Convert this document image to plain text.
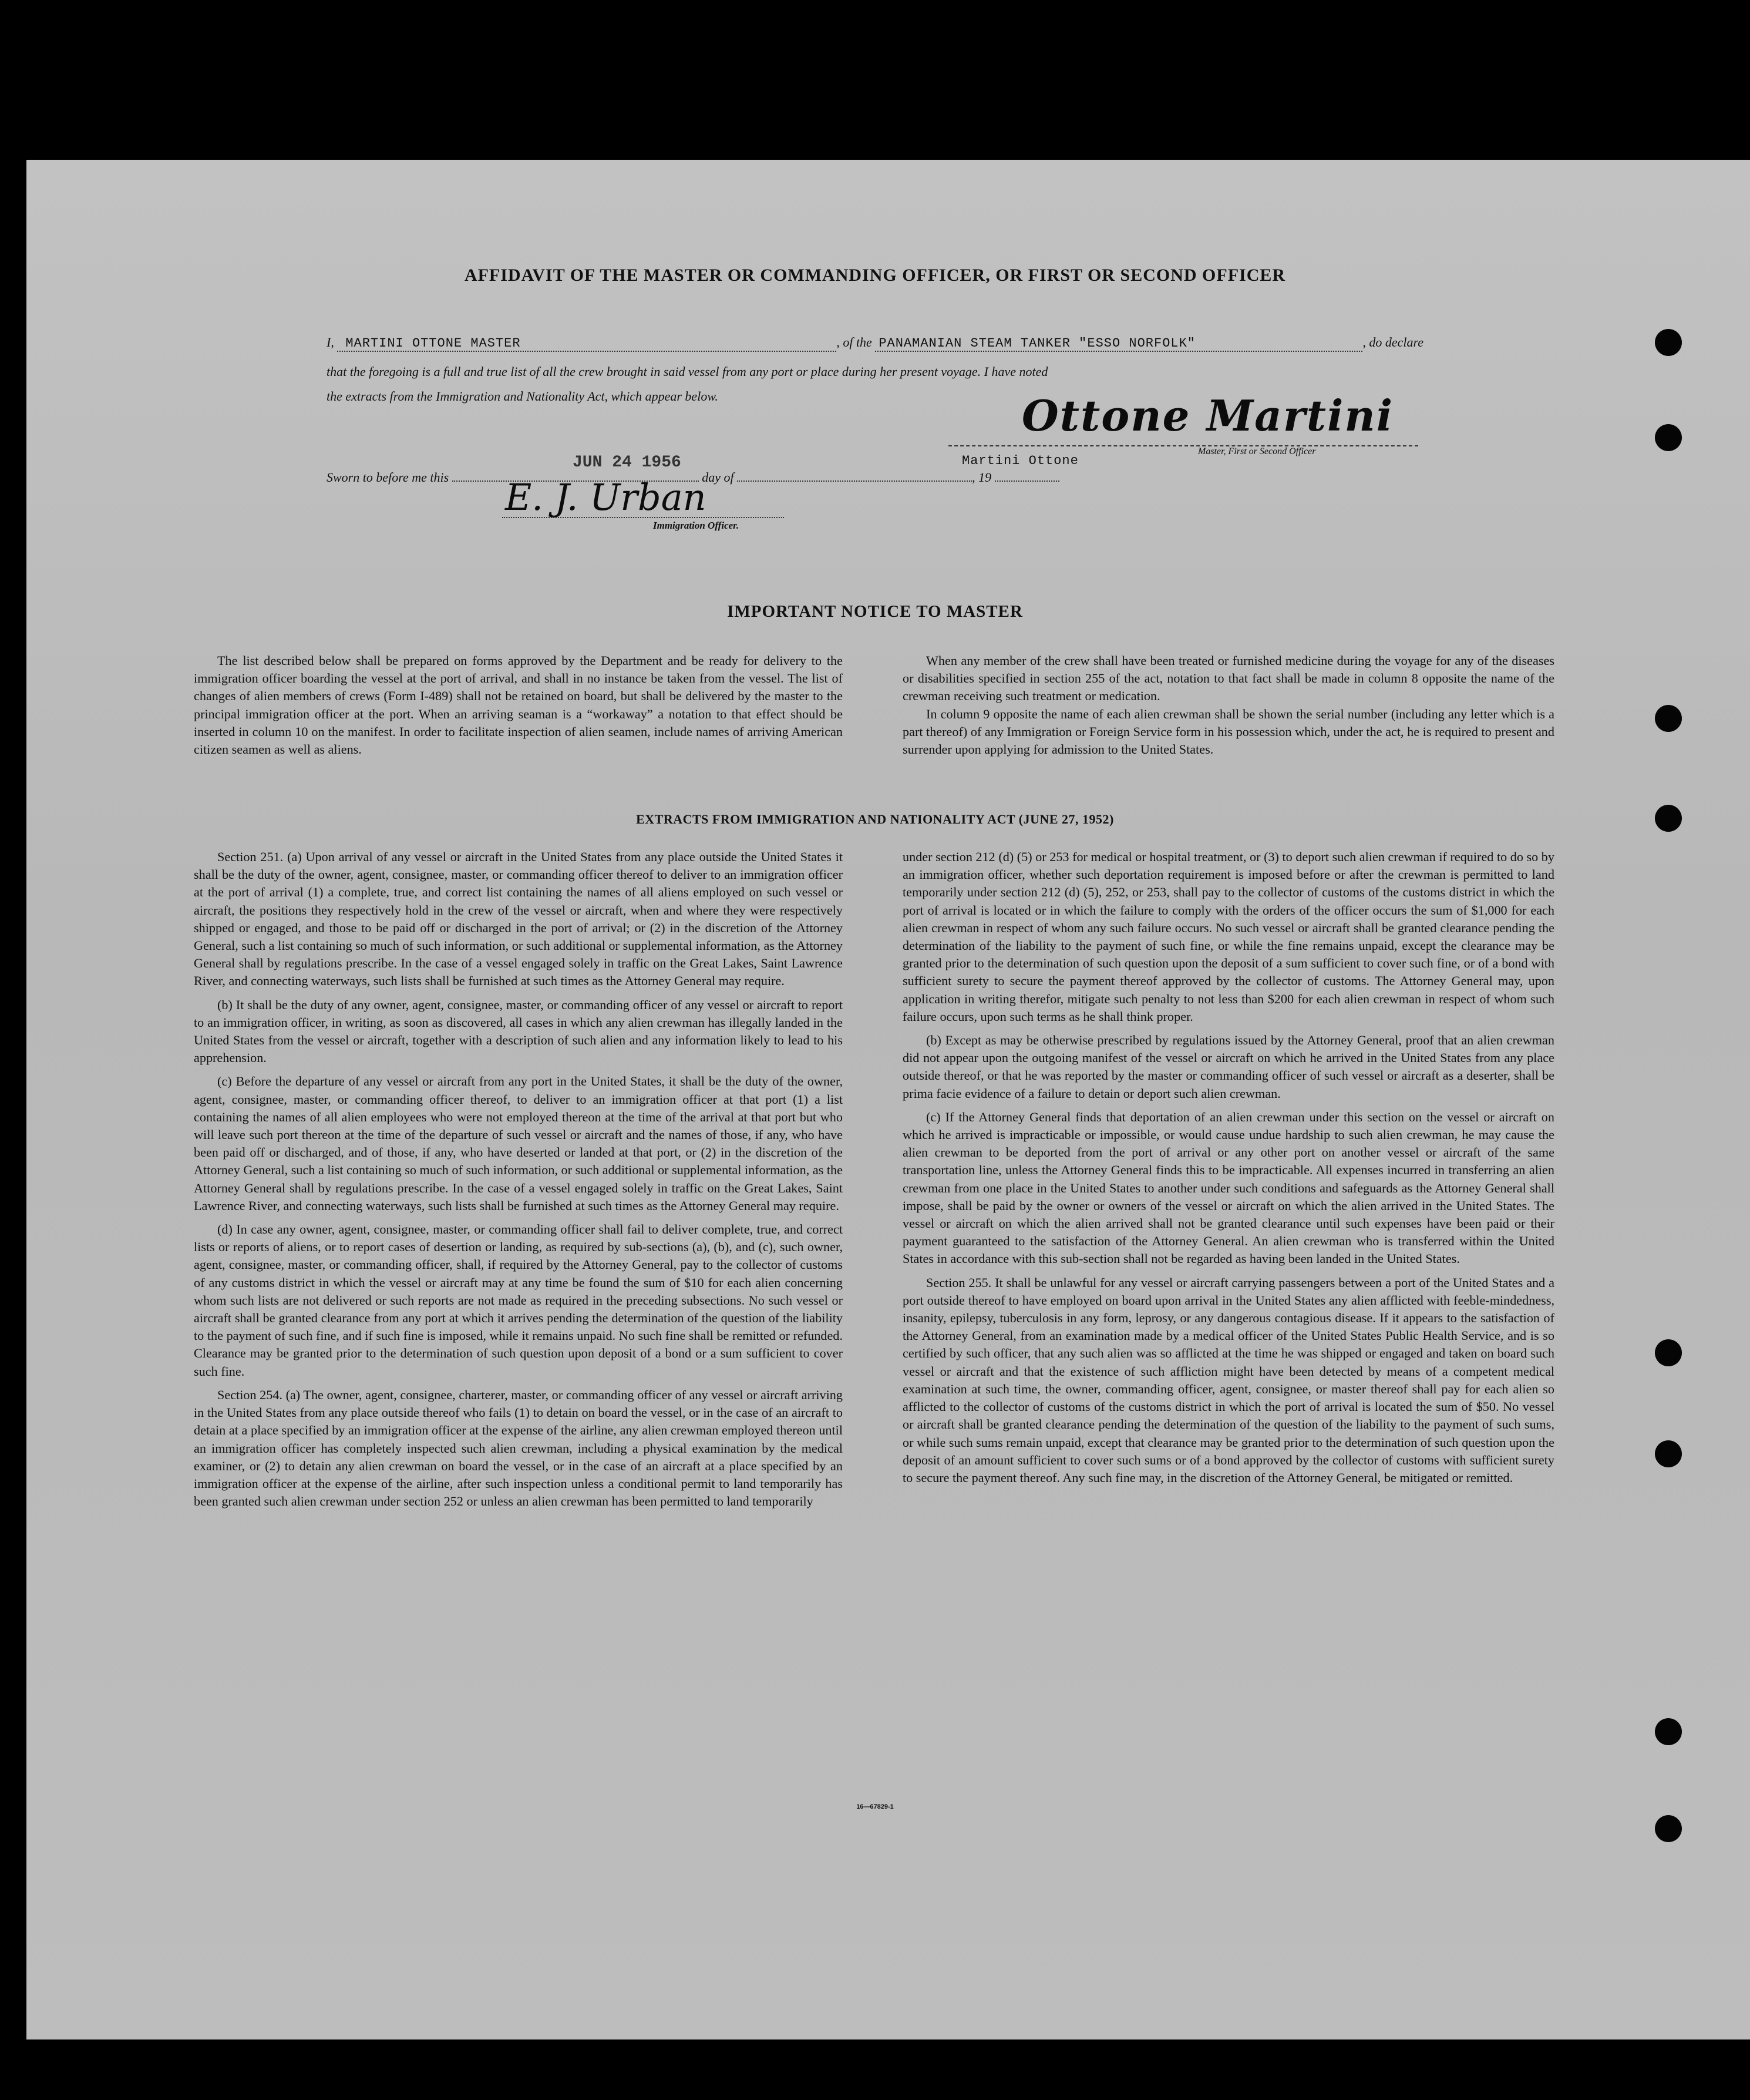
AFFIDAVIT OF THE MASTER OR COMMANDING OFFICER, OR FIRST OR SECOND OFFICER
I, MARTINI OTTONE MASTER	, of the PANAMANIAN STEAM TANKER "ESSO NORFOLK"	, do declare
that the foregoing is a full and true list of all the crew brought in said vessel from any port or place during her present voyage. I have noted
the extracts from the Immigration and Nationality Act, which appear below.	Ottone Martini
Master, First or Second Officer
Martini Ottone
Sworn to before me this	day of	, 19
JUN 24 1956
E. J. Urban
Immigration Officer.
IMPORTANT NOTICE TO MASTER

The list described below shall be prepared on forms approved by the Department and be ready for delivery to the immigration officer boarding the vessel at the port of arrival, and shall in no instance be taken from the vessel. The list of changes of alien members of crews (Form I-489) shall not be retained on board, but shall be delivered by the master to the principal immigration officer at the port. When an arriving seaman is a “workaway” a notation to that effect should be inserted in column 10 on the manifest. In order to facilitate inspection of alien seamen, include names of arriving American citizen seamen as well as aliens.

When any member of the crew shall have been treated or furnished medicine during the voyage for any of the diseases or disabilities specified in section 255 of the act, notation to that fact shall be made in column 8 opposite the name of the crewman receiving such treatment or medication.

In column 9 opposite the name of each alien crewman shall be shown the serial number (including any letter which is a part thereof) of any Immigration or Foreign Service form in his possession which, under the act, he is required to present and surrender upon applying for admission to the United States.

EXTRACTS FROM IMMIGRATION AND NATIONALITY ACT (JUNE 27, 1952)

Section 251. (a) Upon arrival of any vessel or aircraft in the United States from any place outside the United States it shall be the duty of the owner, agent, consignee, master, or commanding officer thereof to deliver to an immigration officer at the port of arrival (1) a complete, true, and correct list containing the names of all aliens employed on such vessel or aircraft, the positions they respectively hold in the crew of the vessel or aircraft, when and where they were respectively shipped or engaged, and those to be paid off or discharged in the port of arrival; or (2) in the discretion of the Attorney General, such a list containing so much of such information, or such additional or supplemental information, as the Attorney General shall by regulations prescribe. In the case of a vessel engaged solely in traffic on the Great Lakes, Saint Lawrence River, and connecting waterways, such lists shall be furnished at such times as the Attorney General may require.

(b) It shall be the duty of any owner, agent, consignee, master, or commanding officer of any vessel or aircraft to report to an immigration officer, in writing, as soon as discovered, all cases in which any alien crewman has illegally landed in the United States from the vessel or aircraft, together with a description of such alien and any information likely to lead to his apprehension.

(c) Before the departure of any vessel or aircraft from any port in the United States, it shall be the duty of the owner, agent, consignee, master, or commanding officer thereof, to deliver to an immigration officer at that port (1) a list containing the names of all alien employees who were not employed thereon at the time of the arrival at that port but who will leave such port thereon at the time of the departure of such vessel or aircraft and the names of those, if any, who have been paid off or discharged, and of those, if any, who have deserted or landed at that port, or (2) in the discretion of the Attorney General, such a list containing so much of such information, or such additional or supplemental information, as the Attorney General shall by regulations prescribe. In the case of a vessel engaged solely in traffic on the Great Lakes, Saint Lawrence River, and connecting waterways, such lists shall be furnished at such times as the Attorney General may require.

(d) In case any owner, agent, consignee, master, or commanding officer shall fail to deliver complete, true, and correct lists or reports of aliens, or to report cases of desertion or landing, as required by sub-sections (a), (b), and (c), such owner, agent, consignee, master, or commanding officer, shall, if required by the Attorney General, pay to the collector of customs of any customs district in which the vessel or aircraft may at any time be found the sum of $10 for each alien concerning whom such lists are not delivered or such reports are not made as required in the preceding subsections. No such vessel or aircraft shall be granted clearance from any port at which it arrives pending the determination of the question of the liability to the payment of such fine, and if such fine is imposed, while it remains unpaid. No such fine shall be remitted or refunded. Clearance may be granted prior to the determination of such question upon deposit of a bond or a sum sufficient to cover such fine.

Section 254. (a) The owner, agent, consignee, charterer, master, or commanding officer of any vessel or aircraft arriving in the United States from any place outside thereof who fails (1) to detain on board the vessel, or in the case of an aircraft to detain at a place specified by an immigration officer at the expense of the airline, any alien crewman employed thereon until an immigration officer has completely inspected such alien crewman, including a physical examination by the medical examiner, or (2) to detain any alien crewman on board the vessel, or in the case of an aircraft at a place specified by an immigration officer at the expense of the airline, after such inspection unless a conditional permit to land temporarily has been granted such alien crewman under section 252 or unless an alien crewman has been permitted to land temporarily

under section 212 (d) (5) or 253 for medical or hospital treatment, or (3) to deport such alien crewman if required to do so by an immigration officer, whether such deportation requirement is imposed before or after the crewman is permitted to land temporarily under section 212 (d) (5), 252, or 253, shall pay to the collector of customs of the customs district in which the port of arrival is located or in which the failure to comply with the orders of the officer occurs the sum of $1,000 for each alien crewman in respect of whom any such failure occurs. No such vessel or aircraft shall be granted clearance pending the determination of the liability to the payment of such fine, or while the fine remains unpaid, except the clearance may be granted prior to the determination of such question upon the deposit of a sum sufficient to cover such fine, or of a bond with sufficient surety to secure the payment thereof approved by the collector of customs. The Attorney General may, upon application in writing therefor, mitigate such penalty to not less than $200 for each alien crewman in respect of whom such failure occurs, upon such terms as he shall think proper.

(b) Except as may be otherwise prescribed by regulations issued by the Attorney General, proof that an alien crewman did not appear upon the outgoing manifest of the vessel or aircraft on which he arrived in the United States from any place outside thereof, or that he was reported by the master or commanding officer of such vessel or aircraft as a deserter, shall be prima facie evidence of a failure to detain or deport such alien crewman.

(c) If the Attorney General finds that deportation of an alien crewman under this section on the vessel or aircraft on which he arrived is impracticable or impossible, or would cause undue hardship to such alien crewman, he may cause the alien crewman to be deported from the port of arrival or any other port on another vessel or aircraft of the same transportation line, unless the Attorney General finds this to be impracticable. All expenses incurred in transferring an alien crewman from one place in the United States to another under such conditions and safeguards as the Attorney General shall impose, shall be paid by the owner or owners of the vessel or aircraft on which the alien arrived in the United States. The vessel or aircraft on which the alien arrived shall not be granted clearance until such expenses have been paid or their payment guaranteed to the satisfaction of the Attorney General. An alien crewman who is transferred within the United States in accordance with this sub-section shall not be regarded as having been landed in the United States.

Section 255. It shall be unlawful for any vessel or aircraft carrying passengers between a port of the United States and a port outside thereof to have employed on board upon arrival in the United States any alien afflicted with feeble-mindedness, insanity, epilepsy, tuberculosis in any form, leprosy, or any dangerous contagious disease. If it appears to the satisfaction of the Attorney General, from an examination made by a medical officer of the United States Public Health Service, and is so certified by such officer, that any such alien was so afflicted at the time he was shipped or engaged and taken on board such vessel or aircraft and that the existence of such affliction might have been detected by means of a competent medical examination at such time, the owner, commanding officer, agent, consignee, or master thereof shall pay for each alien so afflicted to the collector of customs of the customs district in which the port of arrival is located the sum of $50. No vessel or aircraft shall be granted clearance pending the determination of the question of the liability to the payment of such sums, or while such sums remain unpaid, except that clearance may be granted prior to the determination of such question upon the deposit of an amount sufficient to cover such sums or of a bond approved by the collector of customs with sufficient surety to secure the payment thereof. Any such fine may, in the discretion of the Attorney General, be mitigated or remitted.

16—67829-1
